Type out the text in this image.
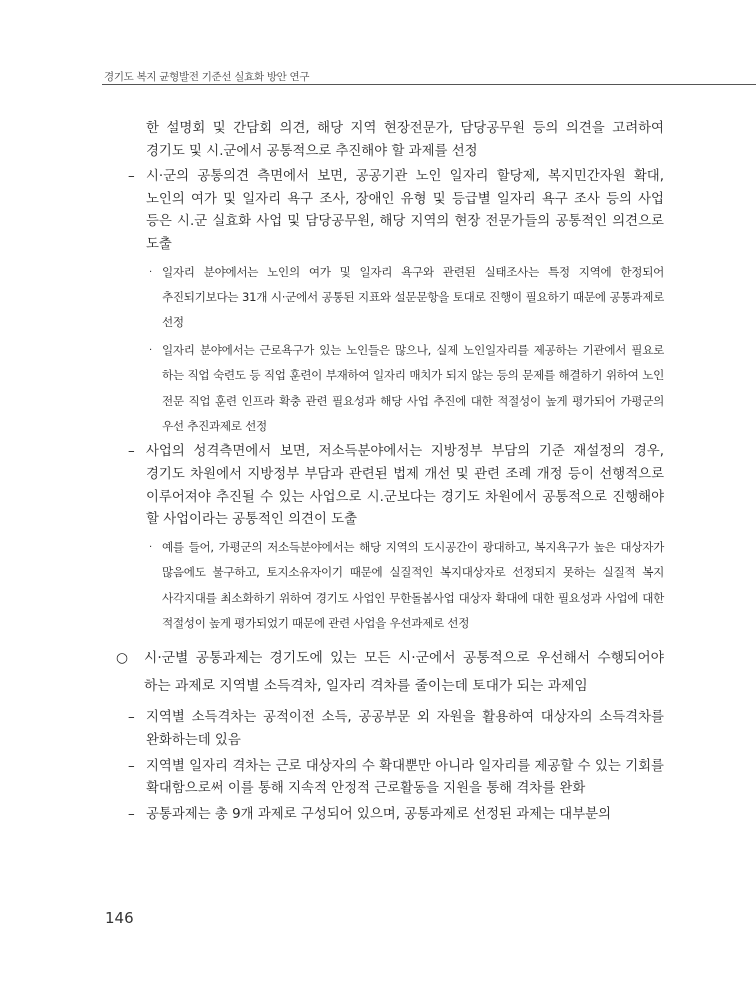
경기도 복지 균형발전 기준선 실효화 방안 연구
한 설명회 및 간담회 의견, 해당 지역 현장전문가, 담당공무원 등의 의견을 고려하여 경기도 및 시.군에서 공통적으로 추진해야 할 과제를 선정
– 시·군의 공통의견 측면에서 보면, 공공기관 노인 일자리 할당제, 복지민간자원 확대, 노인의 여가 및 일자리 욕구 조사, 장애인 유형 및 등급별 일자리 욕구 조사 등의 사업 등은 시.군 실효화 사업 및 담당공무원, 해당 지역의 현장 전문가들의 공통적인 의견으로 도출
· 일자리 분야에서는 노인의 여가 및 일자리 욕구와 관련된 실태조사는 특정 지역에 한정되어 추진되기보다는 31개 시·군에서 공통된 지표와 설문문항을 토대로 진행이 필요하기 때문에 공통과제로 선정
· 일자리 분야에서는 근로욕구가 있는 노인들은 많으나, 실제 노인일자리를 제공하는 기관에서 필요로 하는 직업 숙련도 등 직업 훈련이 부재하여 일자리 매치가 되지 않는 등의 문제를 해결하기 위하여 노인 전문 직업 훈련 인프라 확충 관련 필요성과 해당 사업 추진에 대한 적절성이 높게 평가되어 가평군의 우선 추진과제로 선정
– 사업의 성격측면에서 보면, 저소득분야에서는 지방정부 부담의 기준 재설정의 경우, 경기도 차원에서 지방정부 부담과 관련된 법제 개선 및 관련 조례 개정 등이 선행적으로 이루어져야 추진될 수 있는 사업으로 시.군보다는 경기도 차원에서 공통적으로 진행해야 할 사업이라는 공통적인 의견이 도출
· 예를 들어, 가평군의 저소득분야에서는 해당 지역의 도시공간이 광대하고, 복지욕구가 높은 대상자가 많음에도 불구하고, 토지소유자이기 때문에 실질적인 복지대상자로 선정되지 못하는 실질적 복지 사각지대를 최소화하기 위하여 경기도 사업인 무한돌봄사업 대상자 확대에 대한 필요성과 사업에 대한 적절성이 높게 평가되었기 때문에 관련 사업을 우선과제로 선정
○ 시·군별 공통과제는 경기도에 있는 모든 시·군에서 공통적으로 우선해서 수행되어야 하는 과제로 지역별 소득격차, 일자리 격차를 줄이는데 토대가 되는 과제임
– 지역별 소득격차는 공적이전 소득, 공공부문 외 자원을 활용하여 대상자의 소득격차를 완화하는데 있음
– 지역별 일자리 격차는 근로 대상자의 수 확대뿐만 아니라 일자리를 제공할 수 있는 기회를 확대함으로써 이를 통해 지속적 안정적 근로활동을 지원을 통해 격차를 완화
– 공통과제는 총 9개 과제로 구성되어 있으며, 공통과제로 선정된 과제는 대부분의
146
